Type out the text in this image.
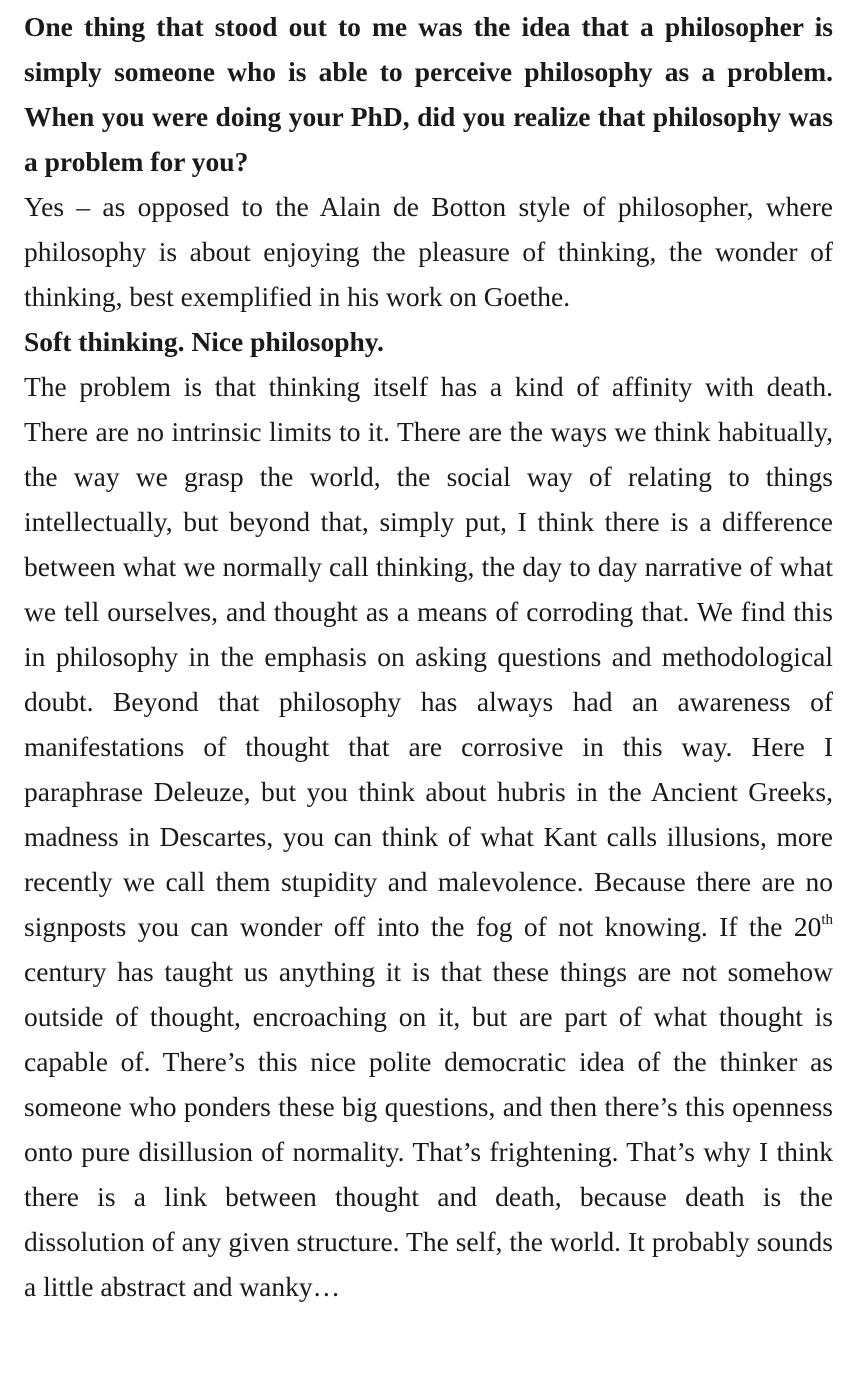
One thing that stood out to me was the idea that a philosopher is simply someone who is able to perceive philosophy as a problem. When you were doing your PhD, did you realize that philosophy was a problem for you?

Yes – as opposed to the Alain de Botton style of philosopher, where philosophy is about enjoying the pleasure of thinking, the wonder of thinking, best exemplified in his work on Goethe.

Soft thinking. Nice philosophy.

The problem is that thinking itself has a kind of affinity with death. There are no intrinsic limits to it. There are the ways we think habitually, the way we grasp the world, the social way of relating to things intellectually, but beyond that, simply put, I think there is a difference between what we normally call thinking, the day to day narrative of what we tell ourselves, and thought as a means of corroding that. We find this in philosophy in the emphasis on asking questions and methodological doubt. Beyond that philosophy has always had an awareness of manifestations of thought that are corrosive in this way. Here I paraphrase Deleuze, but you think about hubris in the Ancient Greeks, madness in Descartes, you can think of what Kant calls illusions, more recently we call them stupidity and malevolence. Because there are no signposts you can wonder off into the fog of not knowing. If the 20th century has taught us anything it is that these things are not somehow outside of thought, encroaching on it, but are part of what thought is capable of. There’s this nice polite democratic idea of the thinker as someone who ponders these big questions, and then there’s this openness onto pure disillusion of normality. That’s frightening. That’s why I think there is a link between thought and death, because death is the dissolution of any given structure. The self, the world. It probably sounds a little abstract and wanky…
